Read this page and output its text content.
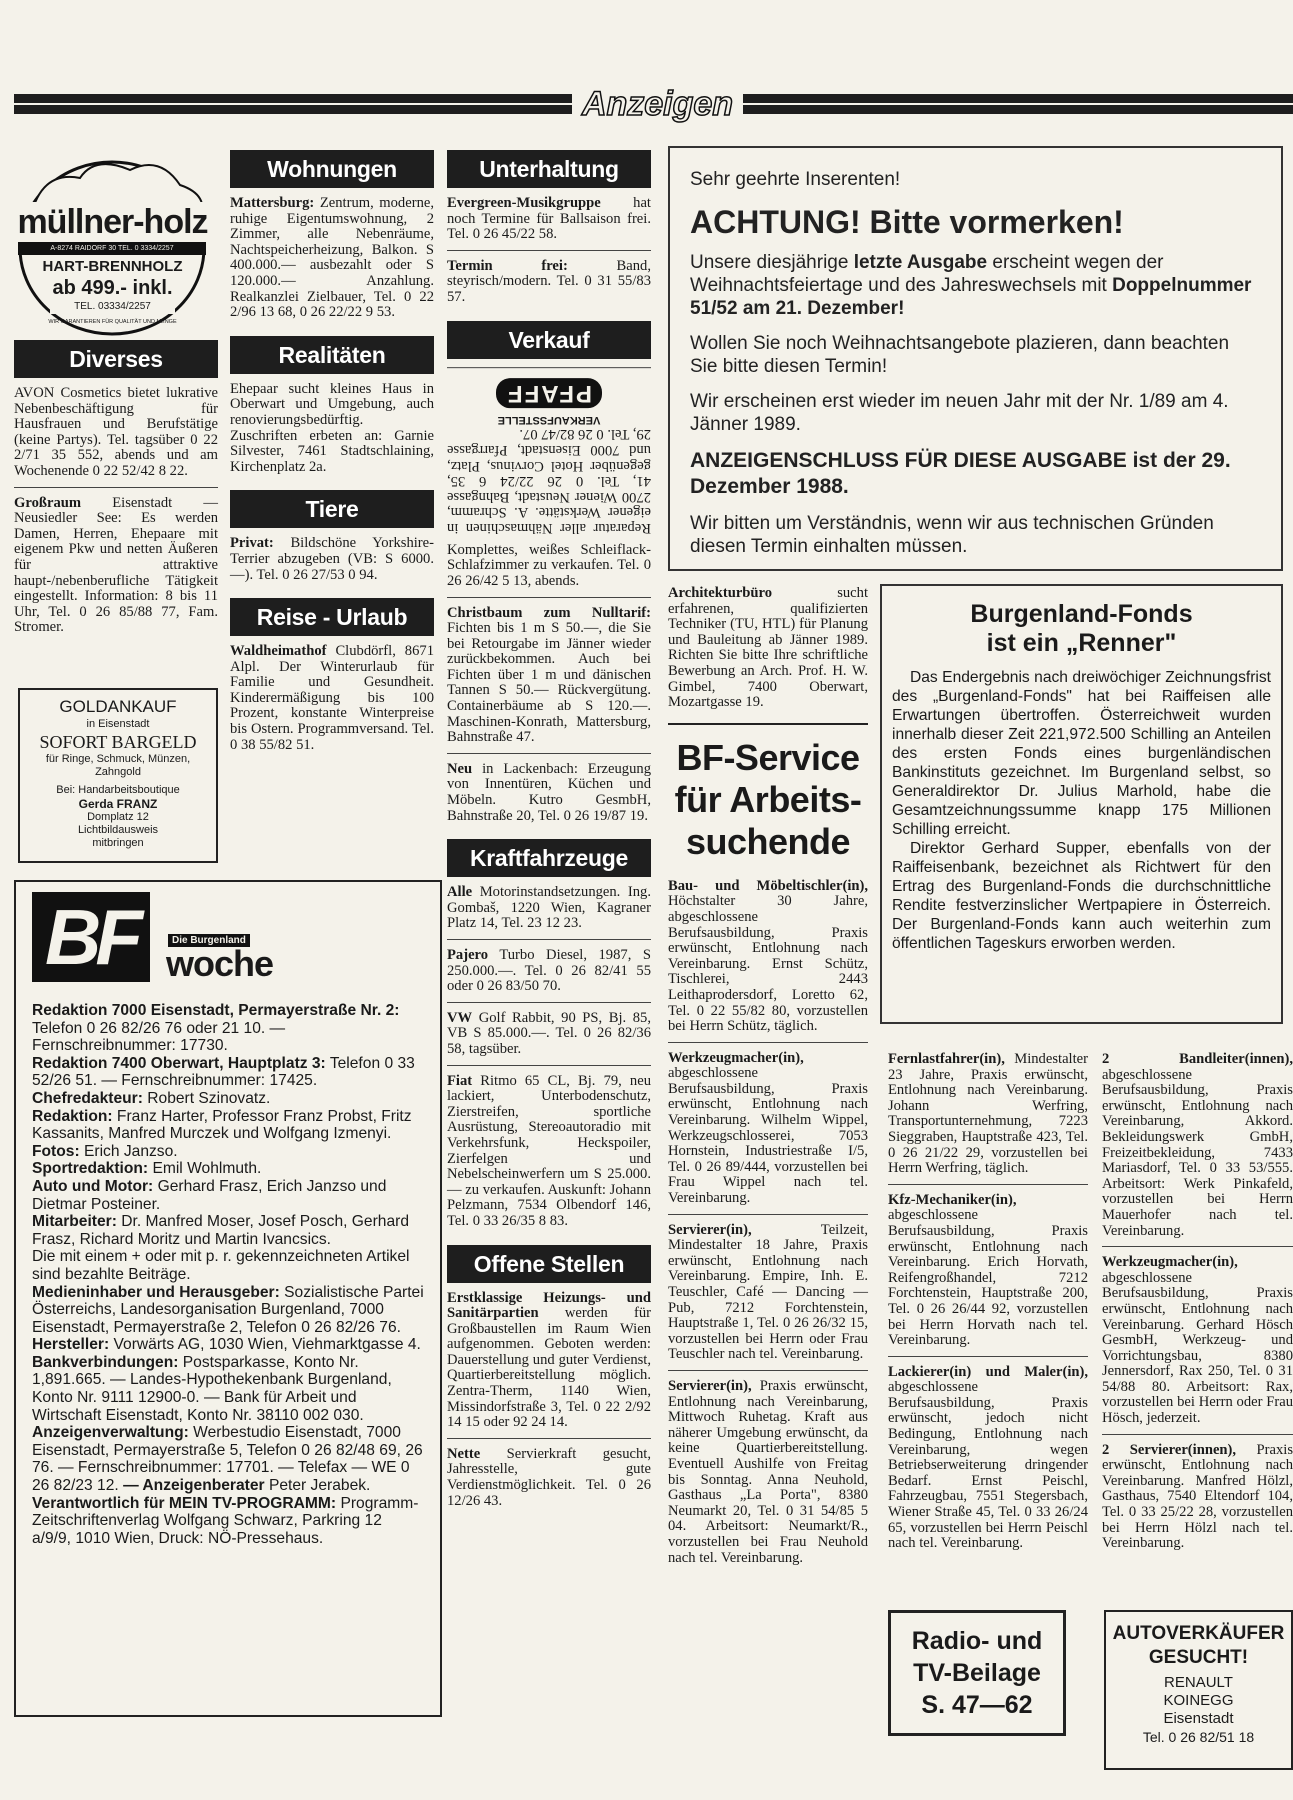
Anzeigen
müllner-holz
A-8274 RAIDORF 30 TEL. 0 3334/2257
HART-BRENNHOLZ
ab 499.- inkl.
TEL. 03334/2257
WIR GARANTIEREN FÜR QUALITÄT UND MENGE
Diverses
AVON Cosmetics bietet lukrative Nebenbeschäftigung für Hausfrauen und Berufstätige (keine Partys). Tel. tagsüber 0 22 2/71 35 552, abends und am Wochenende 0 22 52/42 8 22.
Großraum Eisenstadt — Neusiedler See: Es werden Damen, Herren, Ehepaare mit eigenem Pkw und netten Äußeren für attraktive haupt-/nebenberufliche Tätigkeit eingestellt. Information: 8 bis 11 Uhr, Tel. 0 26 85/88 77, Fam. Stromer.
GOLDANKAUF
in Eisenstadt
SOFORT BARGELD
für Ringe, Schmuck, Münzen, Zahngold
Bei: Handarbeitsboutique
Gerda FRANZ
Domplatz 12
Lichtbildausweis mitbringen
Wohnungen
Mattersburg: Zentrum, moderne, ruhige Eigentumswohnung, 2 Zimmer, alle Nebenräume, Nachtspeicherheizung, Balkon. S 400.000.— ausbezahlt oder S 120.000.— Anzahlung. Realkanzlei Zielbauer, Tel. 0 22 2/96 13 68, 0 26 22/22 9 53.
Realitäten
Ehepaar sucht kleines Haus in Oberwart und Umgebung, auch renovierungsbedürftig. Zuschriften erbeten an: Garnie Silvester, 7461 Stadtschlaining, Kirchenplatz 2a.
Tiere
Privat: Bildschöne Yorkshire-Terrier abzugeben (VB: S 6000.—). Tel. 0 26 27/53 0 94.
Reise - Urlaub
Waldheimathof Clubdörfl, 8671 Alpl. Der Winterurlaub für Familie und Gesundheit. Kinderermäßigung bis 100 Prozent, konstante Winterpreise bis Ostern. Programmversand. Tel. 0 38 55/82 51.
BF	Die Burgenland
woche
Redaktion 7000 Eisenstadt, Permayerstraße Nr. 2: Telefon 0 26 82/26 76 oder 21 10. — Fernschreibnummer: 17730.
Redaktion 7400 Oberwart, Hauptplatz 3: Telefon 0 33 52/26 51. — Fernschreibnummer: 17425.
Chefredakteur: Robert Szinovatz.
Redaktion: Franz Harter, Professor Franz Probst, Fritz Kassanits, Manfred Murczek und Wolfgang Izmenyi.
Fotos: Erich Janzso.
Sportredaktion: Emil Wohlmuth.
Auto und Motor: Gerhard Frasz, Erich Janzso und Dietmar Posteiner.
Mitarbeiter: Dr. Manfred Moser, Josef Posch, Gerhard Frasz, Richard Moritz und Martin Ivancsics.
Die mit einem + oder mit p. r. gekennzeichneten Artikel sind bezahlte Beiträge.
Medieninhaber und Herausgeber: Sozialistische Partei Österreichs, Landesorganisation Burgenland, 7000 Eisenstadt, Permayerstraße 2, Telefon 0 26 82/26 76.
Hersteller: Vorwärts AG, 1030 Wien, Viehmarktgasse 4.
Bankverbindungen: Postsparkasse, Konto Nr. 1,891.665. — Landes-Hypothekenbank Burgenland, Konto Nr. 9111 12900-0. — Bank für Arbeit und Wirtschaft Eisenstadt, Konto Nr. 38110 002 030.
Anzeigenverwaltung: Werbestudio Eisenstadt, 7000 Eisenstadt, Permayerstraße 5, Telefon 0 26 82/48 69, 26 76. — Fernschreibnummer: 17701. — Telefax — WE 0 26 82/23 12. — Anzeigenberater Peter Jerabek.
Verantwortlich für MEIN TV-PROGRAMM: Programm-Zeitschriftenverlag Wolfgang Schwarz, Parkring 12 a/9/9, 1010 Wien, Druck: NÖ-Pressehaus.
Unterhaltung
Evergreen-Musikgruppe hat noch Termine für Ballsaison frei. Tel. 0 26 45/22 58.
Termin frei:	Band, steyrisch/modern. Tel. 0 31 55/83 57.
Verkauf
Reparatur aller Nähmaschinen in eigener Werkstätte. A. Schramm, 2700 Wiener Neustadt, Bahngasse 41, Tel. 0 26 22/24 6 35, gegenüber Hotel Corvinus, Platz, und 7000 Eisenstadt, Pfarrgasse 29, Tel. 0 26 82/47 07.
VERKAUFSSTELLE
PFAFF
Komplettes, weißes Schleiflack-Schlafzimmer zu verkaufen. Tel. 0 26 26/42 5 13, abends.
Christbaum zum Nulltarif: Fichten bis 1 m S 50.—, die Sie bei Retourgabe im Jänner wieder zurückbekommen. Auch bei Fichten über 1 m und dänischen Tannen S 50.— Rückvergütung. Containerbäume ab S 120.—. Maschinen-Konrath, Mattersburg, Bahnstraße 47.
Neu in Lackenbach: Erzeugung von Innentüren, Küchen und Möbeln. Kutro GesmbH, Bahnstraße 20, Tel. 0 26 19/87 19.
Kraftfahrzeuge
Alle Motorinstandsetzungen. Ing. Gombaš, 1220 Wien, Kagraner Platz 14, Tel. 23 12 23.
Pajero Turbo Diesel, 1987, S 250.000.—. Tel. 0 26 82/41 55 oder 0 26 83/50 70.
VW Golf Rabbit, 90 PS, Bj. 85, VB S 85.000.—. Tel. 0 26 82/36 58, tagsüber.
Fiat Ritmo 65 CL, Bj. 79, neu lackiert, Unterbodenschutz, Zierstreifen, sportliche Ausrüstung, Stereoautoradio mit Verkehrsfunk, Heckspoiler, Zierfelgen und Nebelscheinwerfern um S 25.000.— zu verkaufen. Auskunft: Johann Pelzmann, 7534 Olbendorf 146, Tel. 0 33 26/35 8 83.
Offene Stellen
Erstklassige Heizungs- und Sanitärpartien werden für Großbaustellen im Raum Wien aufgenommen. Geboten werden: Dauerstellung und guter Verdienst, Quartierbereitstellung möglich. Zentra-Therm, 1140 Wien, Missindorfstraße 3, Tel. 0 22 2/92 14 15 oder 92 24 14.
Nette Servierkraft gesucht, Jahresstelle, gute Verdienstmöglichkeit. Tel. 0 26 12/26 43.

Sehr geehrte Inserenten!

ACHTUNG! Bitte vormerken!

Unsere diesjährige letzte Ausgabe erscheint wegen der Weihnachtsfeiertage und des Jahreswechsels mit Doppelnummer 51/52 am 21. Dezember!

Wollen Sie noch Weihnachtsangebote plazieren, dann beachten Sie bitte diesen Termin!

Wir erscheinen erst wieder im neuen Jahr mit der Nr. 1/89 am 4. Jänner 1989.

ANZEIGENSCHLUSS FÜR DIESE AUSGABE ist der 29. Dezember 1988.

Wir bitten um Verständnis, wenn wir aus technischen Gründen diesen Termin einhalten müssen.

Architekturbüro	sucht erfahrenen, qualifizierten Techniker (TU, HTL) für Planung und Bauleitung ab Jänner 1989. Richten Sie bitte Ihre schriftliche Bewerbung an Arch. Prof. H. W. Gimbel, 7400 Oberwart, Mozartgasse 19.
BF-Service für Arbeits-suchende
Bau- und Möbeltischler(in), Höchstalter 30 Jahre, abgeschlossene Berufsausbildung, Praxis erwünscht, Entlohnung nach Vereinbarung. Ernst Schütz, Tischlerei, 2443 Leithaprodersdorf, Loretto 62, Tel. 0 22 55/82 80, vorzustellen bei Herrn Schütz, täglich.
Werkzeugmacher(in), abgeschlossene Berufsausbildung, Praxis erwünscht, Entlohnung nach Vereinbarung. Wilhelm Wippel, Werkzeugschlosserei, 7053 Hornstein, Industriestraße I/5, Tel. 0 26 89/444, vorzustellen bei Frau Wippel nach tel. Vereinbarung.
Servierer(in),	Teilzeit, Mindestalter 18 Jahre, Praxis erwünscht, Entlohnung nach Vereinbarung. Empire, Inh. E. Teuschler, Café — Dancing — Pub, 7212 Forchtenstein, Hauptstraße 1, Tel. 0 26 26/32 15, vorzustellen bei Herrn oder Frau Teuschler nach tel. Vereinbarung.
Servierer(in), Praxis erwünscht, Entlohnung nach Vereinbarung, Mittwoch Ruhetag. Kraft aus näherer Umgebung erwünscht, da keine Quartierbereitstellung. Eventuell Aushilfe von Freitag bis Sonntag. Anna Neuhold, Gasthaus „La Porta", 8380 Neumarkt 20, Tel. 0 31 54/85 5 04. Arbeitsort: Neumarkt/R., vorzustellen bei Frau Neuhold nach tel. Vereinbarung.
Burgenland-Fonds
ist ein „Renner"
Das Endergebnis nach dreiwöchiger Zeichnungsfrist des „Burgenland-Fonds" hat bei Raiffeisen alle Erwartungen übertroffen. Österreichweit wurden innerhalb dieser Zeit 221,972.500 Schilling an Anteilen des ersten Fonds eines burgenländischen Bankinstituts gezeichnet. Im Burgenland selbst, so Generaldirektor Dr. Julius Marhold, habe die Gesamtzeichnungssumme knapp 175 Millionen Schilling erreicht.
Direktor Gerhard Supper, ebenfalls von der Raiffeisenbank, bezeichnet als Richtwert für den Ertrag des Burgenland-Fonds die durchschnittliche Rendite festverzinslicher Wertpapiere in Österreich. Der Burgenland-Fonds kann auch weiterhin zum öffentlichen Tageskurs erworben werden.
Fernlastfahrer(in), Mindestalter 23 Jahre, Praxis erwünscht, Entlohnung nach Vereinbarung. Johann Werfring, Transportunternehmung, 7223 Sieggraben, Hauptstraße 423, Tel. 0 26 21/22 29, vorzustellen bei Herrn Werfring, täglich.
Kfz-Mechaniker(in), abgeschlossene Berufsausbildung, Praxis erwünscht, Entlohnung nach Vereinbarung. Erich Horvath, Reifengroßhandel, 7212 Forchtenstein, Hauptstraße 200, Tel. 0 26 26/44 92, vorzustellen bei Herrn Horvath nach tel. Vereinbarung.
Lackierer(in) und Maler(in), abgeschlossene Berufsausbildung, Praxis erwünscht, jedoch nicht Bedingung, Entlohnung nach Vereinbarung, wegen Betriebserweiterung dringender Bedarf. Ernst Peischl, Fahrzeugbau, 7551 Stegersbach, Wiener Straße 45, Tel. 0 33 26/24 65, vorzustellen bei Herrn Peischl nach tel. Vereinbarung.
Radio- und
TV-Beilage
S. 47—62
2 Bandleiter(innen), abgeschlossene Berufsausbildung, Praxis erwünscht, Entlohnung nach Vereinbarung, Akkord. Bekleidungswerk GmbH, Freizeitbekleidung, 7433 Mariasdorf, Tel. 0 33 53/555. Arbeitsort: Werk Pinkafeld, vorzustellen bei Herrn Mauerhofer nach tel. Vereinbarung.
Werkzeugmacher(in), abgeschlossene Berufsausbildung, Praxis erwünscht, Entlohnung nach Vereinbarung. Gerhard Hösch GesmbH, Werkzeug- und Vorrichtungsbau, 8380 Jennersdorf, Rax 250, Tel. 0 31 54/88 80. Arbeitsort: Rax, vorzustellen bei Herrn oder Frau Hösch, jederzeit.
2 Servierer(innen), Praxis erwünscht, Entlohnung nach Vereinbarung. Manfred Hölzl, Gasthaus, 7540 Eltendorf 104, Tel. 0 33 25/22 28, vorzustellen bei Herrn Hölzl nach tel. Vereinbarung.
AUTOVERKÄUFER
GESUCHT!
RENAULT
KOINEGG
Eisenstadt
Tel. 0 26 82/51 18
